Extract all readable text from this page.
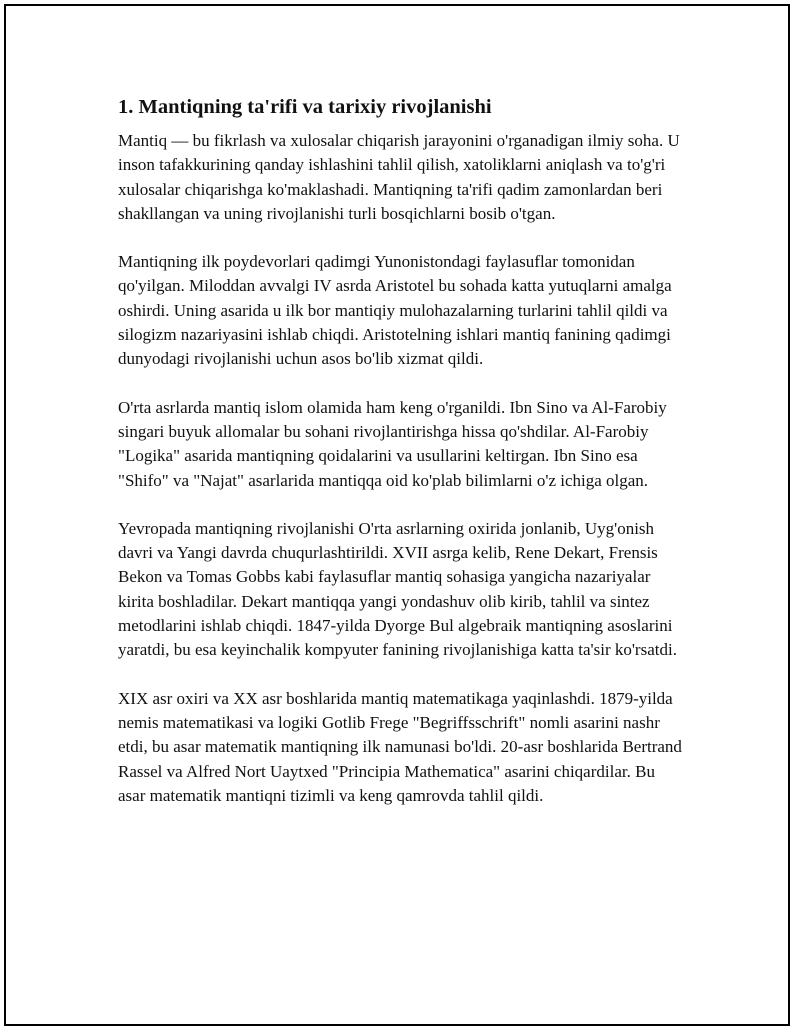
1. Mantiqning ta'rifi va tarixiy rivojlanishi

Mantiq — bu fikrlash va xulosalar chiqarish jarayonini o'rganadigan ilmiy soha. U inson tafakkurining qanday ishlashini tahlil qilish, xatoliklarni aniqlash va to'g'ri xulosalar chiqarishga ko'maklashadi. Mantiqning ta'rifi qadim zamonlardan beri shakllangan va uning rivojlanishi turli bosqichlarni bosib o'tgan.

Mantiqning ilk poydevorlari qadimgi Yunonistondagi faylasuflar tomonidan qo'yilgan. Miloddan avvalgi IV asrda Aristotel bu sohada katta yutuqlarni amalga oshirdi. Uning asarida u ilk bor mantiqiy mulohazalarning turlarini tahlil qildi va silogizm nazariyasini ishlab chiqdi. Aristotelning ishlari mantiq fanining qadimgi dunyodagi rivojlanishi uchun asos bo'lib xizmat qildi.

O'rta asrlarda mantiq islom olamida ham keng o'rganildi. Ibn Sino va Al-Farobiy singari buyuk allomalar bu sohani rivojlantirishga hissa qo'shdilar. Al-Farobiy "Logika" asarida mantiqning qoidalarini va usullarini keltirgan. Ibn Sino esa "Shifo" va "Najat" asarlarida mantiqqa oid ko'plab bilimlarni o'z ichiga olgan.

Yevropada mantiqning rivojlanishi O'rta asrlarning oxirida jonlanib, Uyg'onish davri va Yangi davrda chuqurlashtirildi. XVII asrga kelib, Rene Dekart, Frensis Bekon va Tomas Gobbs kabi faylasuflar mantiq sohasiga yangicha nazariyalar kirita boshladilar. Dekart mantiqqa yangi yondashuv olib kirib, tahlil va sintez metodlarini ishlab chiqdi. 1847-yilda Dyorge Bul algebraik mantiqning asoslarini yaratdi, bu esa keyinchalik kompyuter fanining rivojlanishiga katta ta'sir ko'rsatdi.

XIX asr oxiri va XX asr boshlarida mantiq matematikaga yaqinlashdi. 1879-yilda nemis matematikasi va logiki Gotlib Frege "Begriffsschrift" nomli asarini nashr etdi, bu asar matematik mantiqning ilk namunasi bo'ldi. 20-asr boshlarida Bertrand Rassel va Alfred Nort Uaytxed "Principia Mathematica" asarini chiqardilar. Bu asar matematik mantiqni tizimli va keng qamrovda tahlil qildi.
